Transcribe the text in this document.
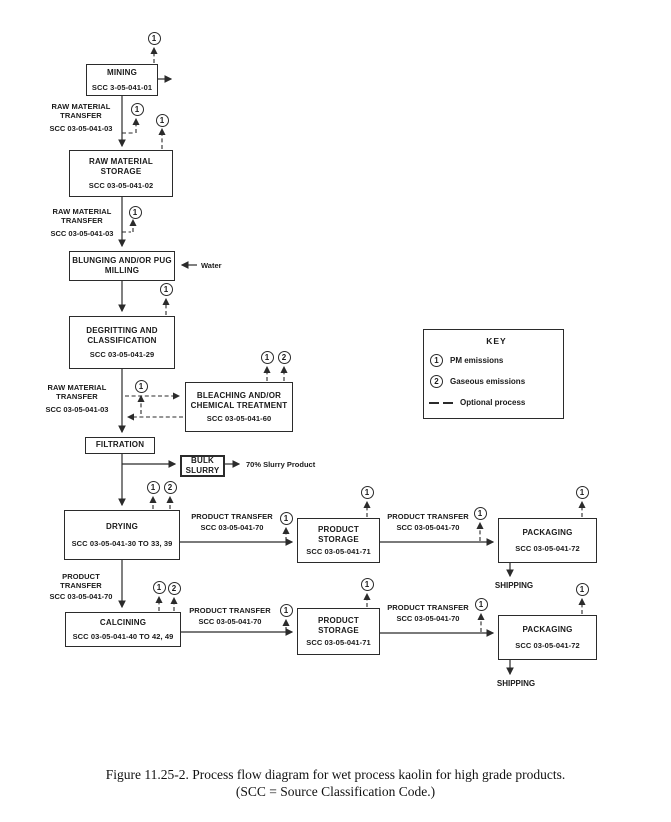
MINING
SCC 3-05-041-01
RAW MATERIAL STORAGE
SCC 03-05-041-02
BLUNGING AND/OR PUG MILLING
DEGRITTING AND CLASSIFICATION
SCC 03-05-041-29
BLEACHING AND/OR CHEMICAL TREATMENT
SCC 03-05-041-60
FILTRATION
BULK SLURRY
DRYING
SCC 03-05-041-30 TO 33, 39
PRODUCT STORAGE
SCC 03-05-041-71
PACKAGING
SCC 03-05-041-72
CALCINING
SCC 03-05-041-40 TO 42, 49
PRODUCT STORAGE
SCC 03-05-041-71
PACKAGING
SCC 03-05-041-72
RAW MATERIAL TRANSFER
SCC 03-05-041-03
RAW MATERIAL TRANSFER
SCC 03-05-041-03
RAW MATERIAL TRANSFER
SCC 03-05-041-03
PRODUCT TRANSFER
SCC 03-05-041-70
PRODUCT TRANSFER
SCC 03-05-041-70
PRODUCT TRANSFER
SCC 03-05-041-70
PRODUCT TRANSFER
SCC 03-05-041-70
PRODUCT TRANSFER
SCC 03-05-041-70
Water
70% Slurry Product
SHIPPING
SHIPPING
KEY
1	PM emissions
2	Gaseous emissions
Optional process
Figure 11.25-2. Process flow diagram for wet process kaolin for high grade products.
(SCC = Source Classification Code.)
1
1
1
1
1
1
1	2
1	2
1
1
1
1
1	2
1
1
1
1
